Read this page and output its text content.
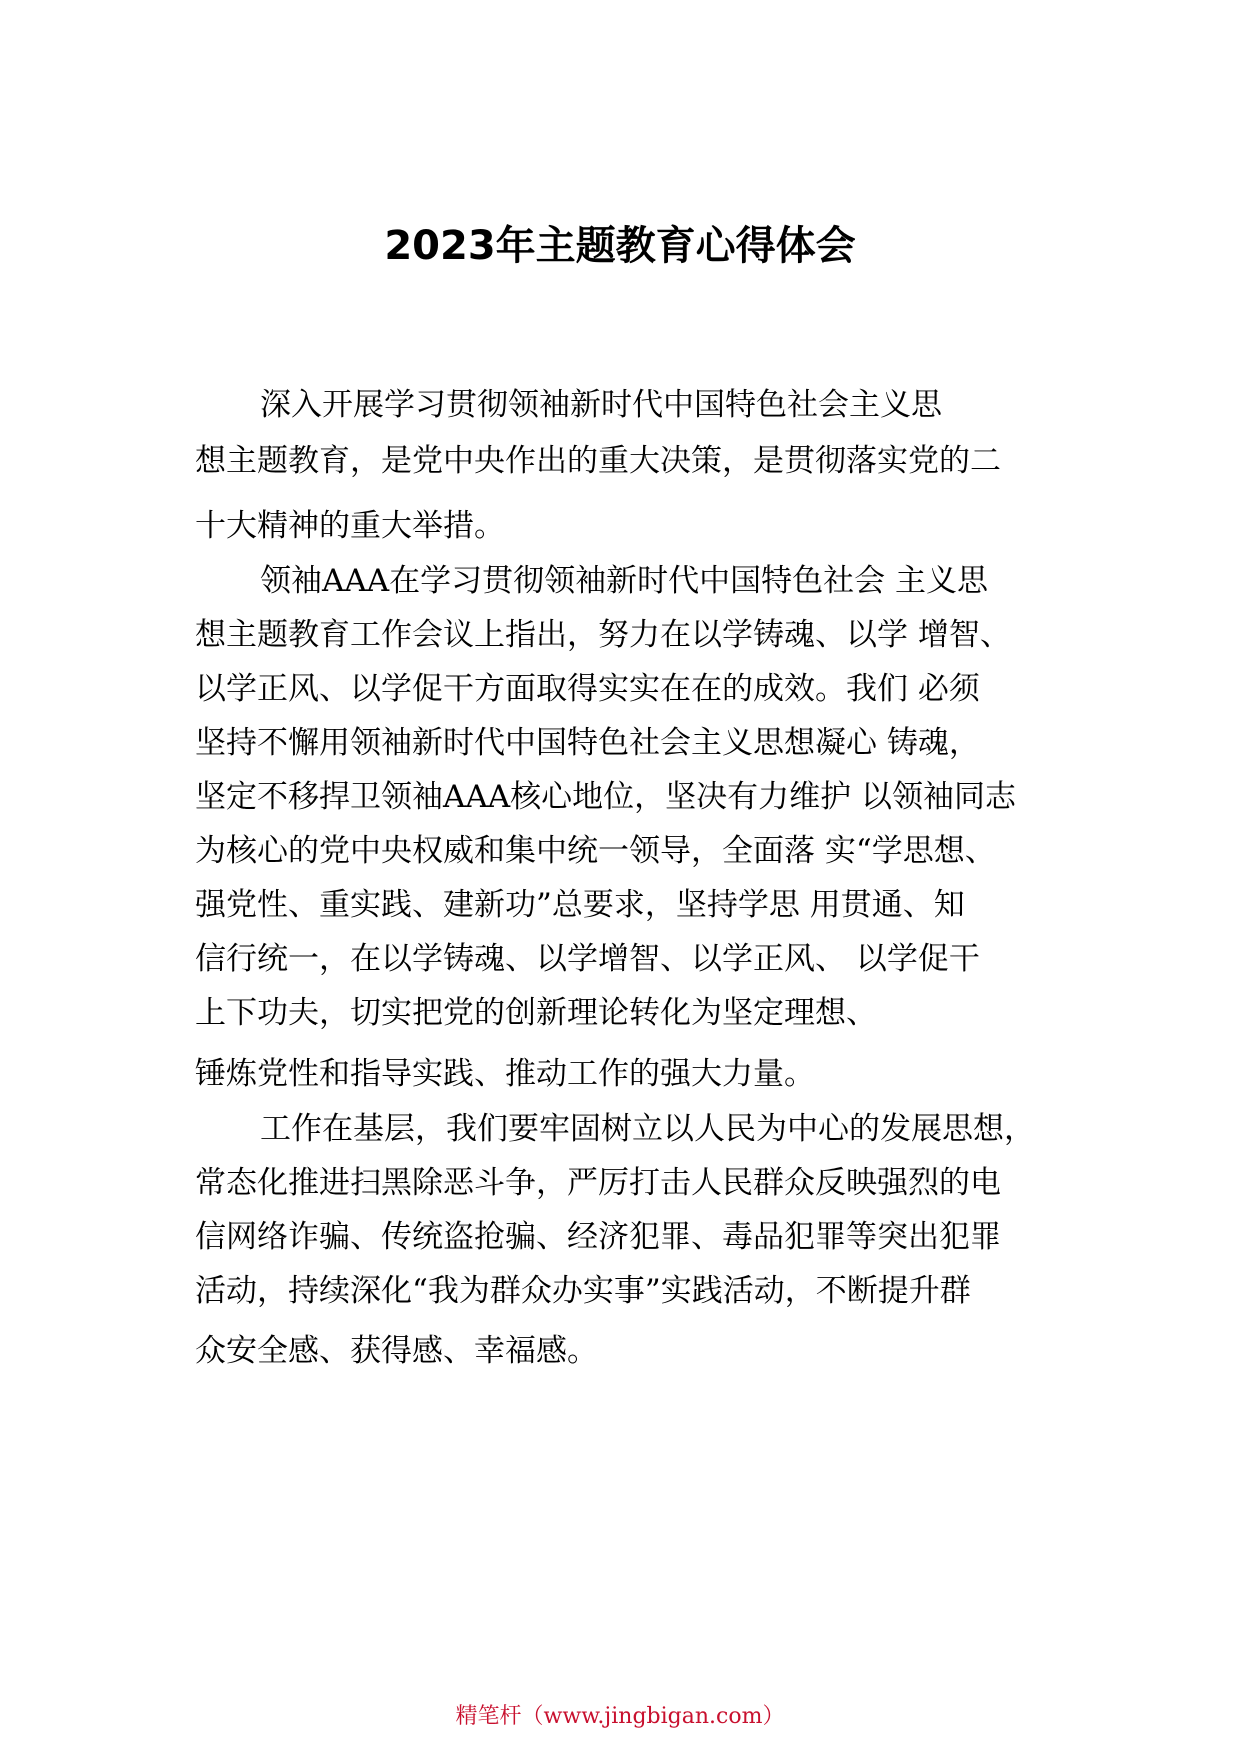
2023年主题教育心得体会

深入开展学习贯彻领袖新时代中国特色社会主义思

想主题教育，是党中央作出的重大决策，是贯彻落实党的二

十大精神的重大举措。

领袖AAA在学习贯彻领袖新时代中国特色社会 主义思

想主题教育工作会议上指出，努力在以学铸魂、以学 增智、

以学正风、以学促干方面取得实实在在的成效。我们 必须

坚持不懈用领袖新时代中国特色社会主义思想凝心 铸魂，

坚定不移捍卫领袖AAA核心地位，坚决有力维护 以领袖同志

为核心的党中央权威和集中统一领导，全面落 实“学思想、

强党性、重实践、建新功”总要求，坚持学思 用贯通、知

信行统一，在以学铸魂、以学增智、以学正风、 以学促干

上下功夫，切实把党的创新理论转化为坚定理想、

锤炼党性和指导实践、推动工作的强大力量。

工作在基层，我们要牢固树立以人民为中心的发展思想，

常态化推进扫黑除恶斗争，严厉打击人民群众反映强烈的电

信网络诈骗、传统盗抢骗、经济犯罪、毒品犯罪等突出犯罪

活动，持续深化“我为群众办实事”实践活动，不断提升群

众安全感、获得感、幸福感。

精笔杆（www.jingbigan.com）
